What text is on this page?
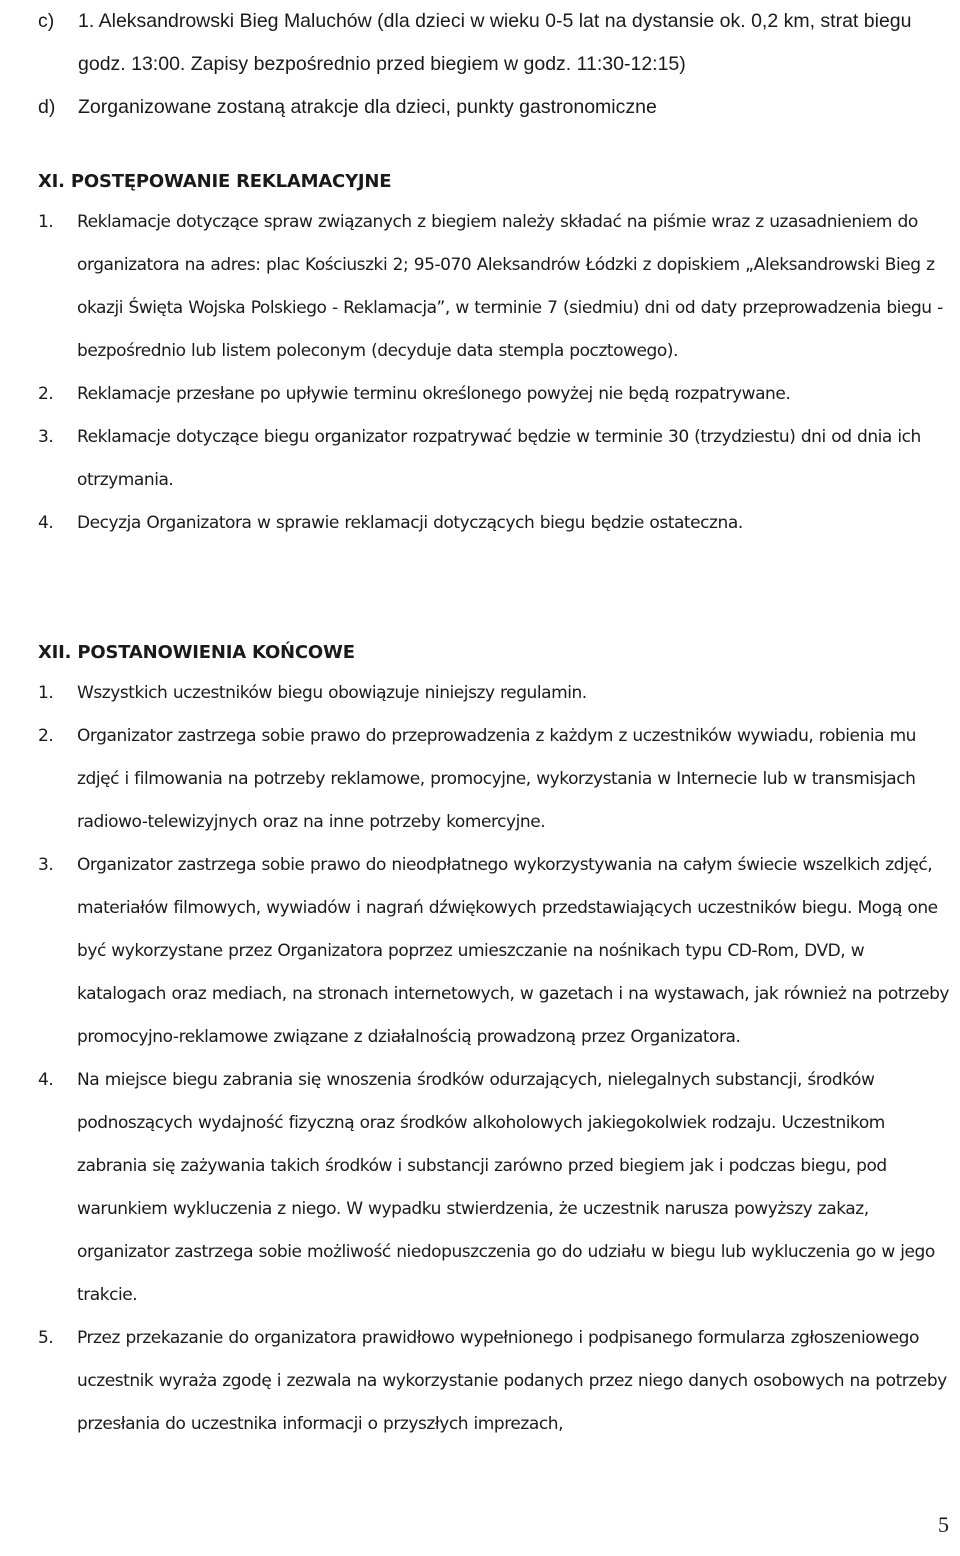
c) 1. Aleksandrowski Bieg Maluchów (dla dzieci w wieku 0-5 lat na dystansie ok. 0,2 km, strat biegu godz. 13:00. Zapisy bezpośrednio przed biegiem w godz. 11:30-12:15)
d) Zorganizowane zostaną atrakcje dla dzieci, punkty gastronomiczne
XI. POSTĘPOWANIE REKLAMACYJNE
1. Reklamacje dotyczące spraw związanych z biegiem należy składać na piśmie wraz z uzasadnieniem do organizatora na adres: plac Kościuszki 2; 95-070 Aleksandrów Łódzki z dopiskiem „Aleksandrowski Bieg z okazji Święta Wojska Polskiego - Reklamacja”, w terminie 7 (siedmiu) dni od daty przeprowadzenia biegu - bezpośrednio lub listem poleconym (decyduje data stempla pocztowego).
2. Reklamacje przesłane po upływie terminu określonego powyżej nie będą rozpatrywane.
3. Reklamacje dotyczące biegu organizator rozpatrywać będzie w terminie 30 (trzydziestu) dni od dnia ich otrzymania.
4. Decyzja Organizatora w sprawie reklamacji dotyczących biegu będzie ostateczna.
XII. POSTANOWIENIA KOŃCOWE
1. Wszystkich uczestników biegu obowiązuje niniejszy regulamin.
2. Organizator zastrzega sobie prawo do przeprowadzenia z każdym z uczestników wywiadu, robienia mu zdjęć i filmowania na potrzeby reklamowe, promocyjne, wykorzystania w Internecie lub w transmisjach radiowo-telewizyjnych oraz na inne potrzeby komercyjne.
3. Organizator zastrzega sobie prawo do nieodpłatnego wykorzystywania na całym świecie wszelkich zdjęć, materiałów filmowych, wywiadów i nagrań dźwiękowych przedstawiających uczestników biegu. Mogą one być wykorzystane przez Organizatora poprzez umieszczanie na nośnikach typu CD-Rom, DVD, w katalogach oraz mediach, na stronach internetowych, w gazetach i na wystawach, jak również na potrzeby promocyjno-reklamowe związane z działalnością prowadzoną przez Organizatora.
4. Na miejsce biegu zabrania się wnoszenia środków odurzających, nielegalnych substancji, środków podnoszących wydajność fizyczną oraz środków alkoholowych jakiegokolwiek rodzaju. Uczestnikom zabrania się zażywania takich środków i substancji zarówno przed biegiem jak i podczas biegu, pod warunkiem wykluczenia z niego. W wypadku stwierdzenia, że uczestnik narusza powyższy zakaz, organizator zastrzega sobie możliwość niedopuszczenia go do udziału w biegu lub wykluczenia go w jego trakcie.
5. Przez przekazanie do organizatora prawidłowo wypełnionego i podpisanego formularza zgłoszeniowego uczestnik wyraża zgodę i zezwala na wykorzystanie podanych przez niego danych osobowych na potrzeby przesłania do uczestnika informacji o przyszłych imprezach,
5
